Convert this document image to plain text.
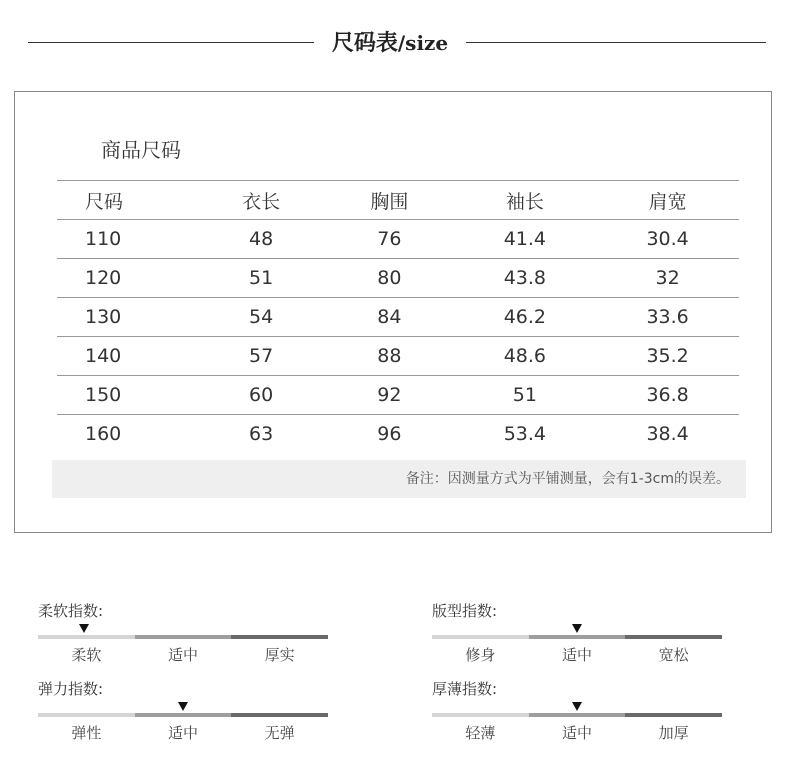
尺码表/size
商品尺码
尺码	衣长	胸围	袖长	肩宽
110	48	76	41.4	30.4
120	51	80	43.8	32
130	54	84	46.2	33.6
140	57	88	48.6	35.2
150	60	92	51	36.8
160	63	96	53.4	38.4
备注：因测量方式为平铺测量，会有1-3cm的误差。
柔软指数:
柔软	适中	厚实
版型指数:
修身	适中	宽松
弹力指数:
弹性	适中	无弹
厚薄指数:
轻薄	适中	加厚
